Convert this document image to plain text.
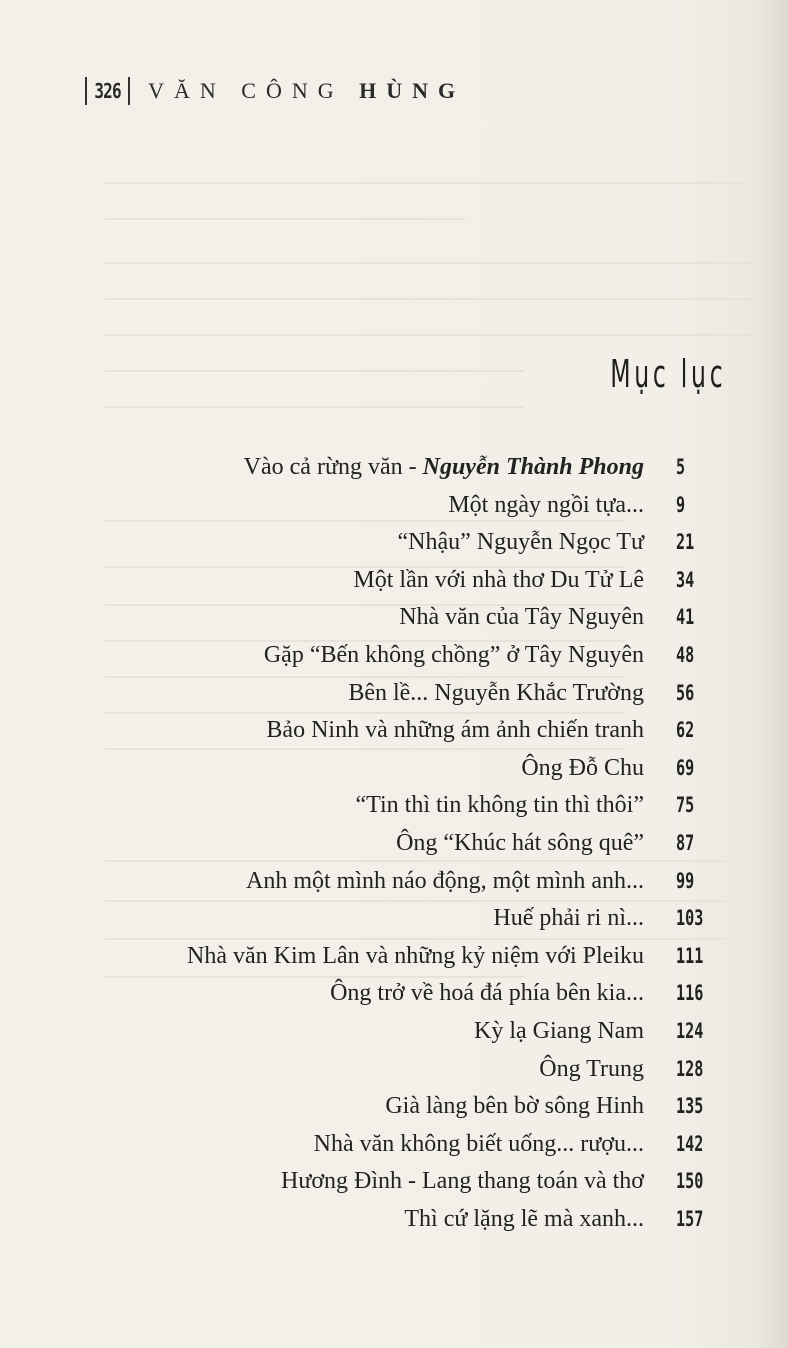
326 VĂN CÔNG HÙNG
Mục lục
Vào cả rừng văn - Nguyễn Thành Phong 5
Một ngày ngồi tựa... 9
“Nhậu” Nguyễn Ngọc Tư 21
Một lần với nhà thơ Du Tử Lê 34
Nhà văn của Tây Nguyên 41
Gặp “Bến không chồng” ở Tây Nguyên 48
Bên lề... Nguyễn Khắc Trường 56
Bảo Ninh và những ám ảnh chiến tranh 62
Ông Đỗ Chu 69
“Tin thì tin không tin thì thôi” 75
Ông “Khúc hát sông quê” 87
Anh một mình náo động, một mình anh... 99
Huế phải ri nì... 103
Nhà văn Kim Lân và những kỷ niệm với Pleiku 111
Ông trở về hoá đá phía bên kia... 116
Kỳ lạ Giang Nam 124
Ông Trung 128
Già làng bên bờ sông Hinh 135
Nhà văn không biết uống... rượu... 142
Hương Đình - Lang thang toán và thơ 150
Thì cứ lặng lẽ mà xanh... 157
